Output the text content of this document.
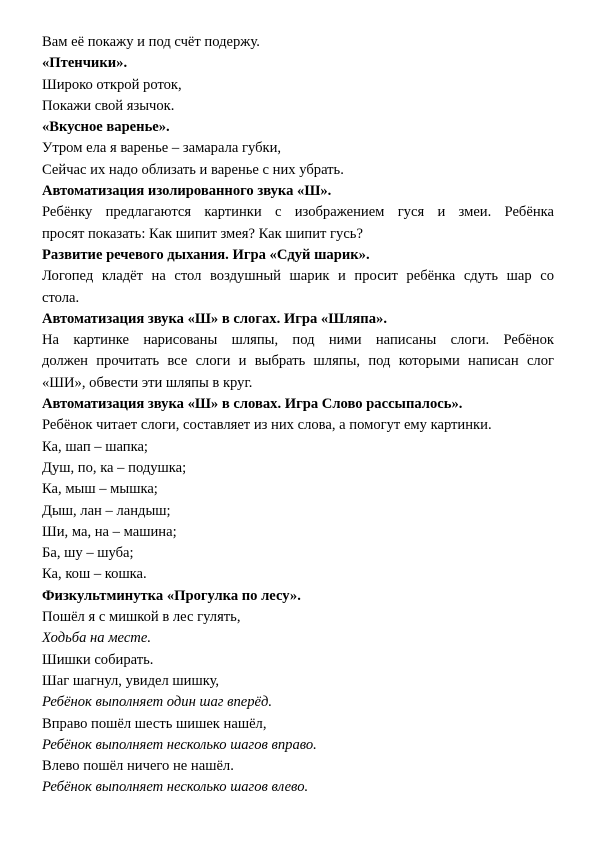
Вам её покажу и под счёт подержу.
«Птенчики».
Широко открой роток,
Покажи свой язычок.
«Вкусное варенье».
Утром ела я варенье – замарала губки,
Сейчас их надо облизать и варенье с них убрать.
Автоматизация изолированного звука «Ш».
Ребёнку предлагаются картинки с изображением гуся и змеи. Ребёнка
просят показать: Как шипит змея? Как шипит гусь?
Развитие речевого дыхания. Игра «Сдуй шарик».
Логопед кладёт на стол воздушный шарик и просит ребёнка сдуть шар со
стола.
Автоматизация звука «Ш» в слогах. Игра «Шляпа».
На картинке нарисованы шляпы, под ними написаны слоги. Ребёнок
должен прочитать все слоги и выбрать шляпы, под которыми написан слог
«ШИ», обвести эти шляпы в круг.
Автоматизация звука «Ш» в словах. Игра Слово рассыпалось».
Ребёнок читает слоги, составляет из них слова, а помогут ему картинки.
Ка, шап – шапка;
Душ, по, ка – подушка;
Ка, мыш – мышка;
Дыш, лан – ландыш;
Ши, ма, на – машина;
Ба, шу – шуба;
Ка, кош – кошка.
Физкультминутка «Прогулка по лесу».
Пошёл я с мишкой в лес гулять,
Ходьба на месте.
Шишки собирать.
Шаг шагнул, увидел шишку,
Ребёнок выполняет один шаг вперёд.
Вправо пошёл шесть шишек нашёл,
Ребёнок выполняет несколько шагов вправо.
Влево пошёл ничего не нашёл.
Ребёнок выполняет несколько шагов влево.
